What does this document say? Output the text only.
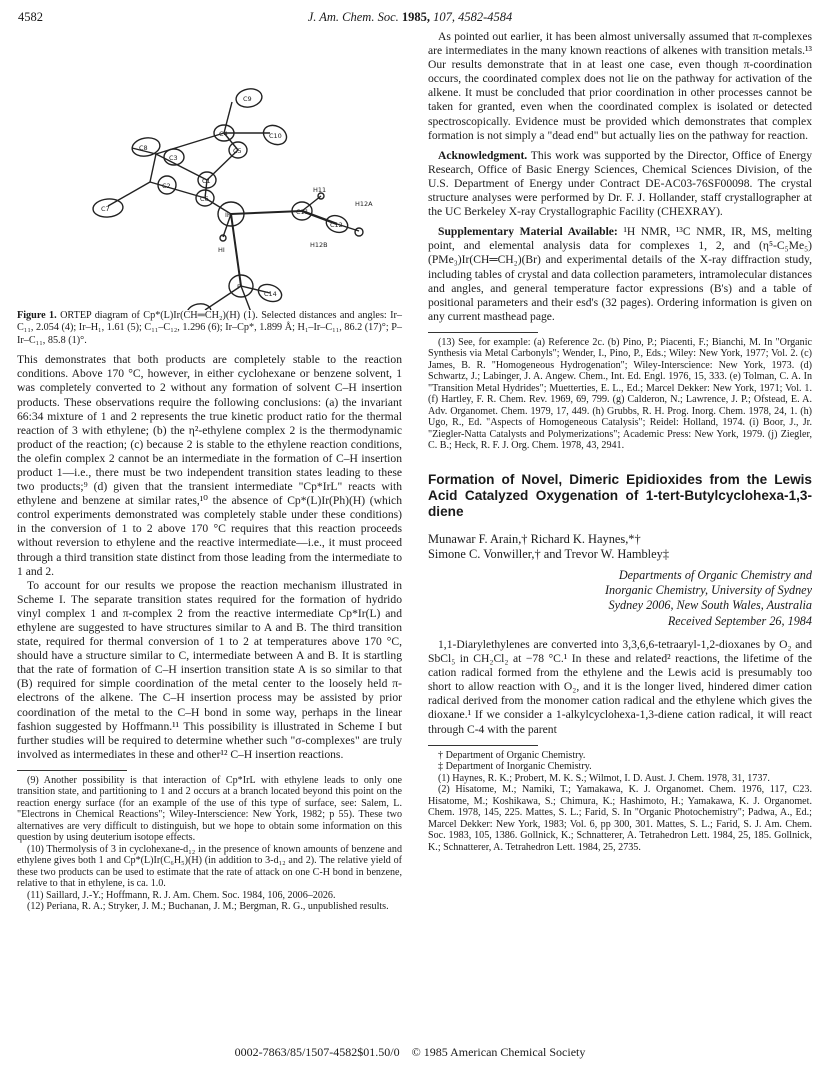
4582	J. Am. Chem. Soc. 1985, 107, 4582-4584
C9
C4	C10
C8
C3
C5
C2
C1
C6
C7
H11
H12A
C11
C12
IR
HI
H12B
P
C14
Figure 1. ORTEP diagram of Cp*(L)Ir(CH═CH₂)(H) (1). Selected distances and angles: Ir–C₁₁, 2.054 (4); Ir–H₁, 1.61 (5); C₁₁–C₁₂, 1.296 (6); Ir–Cp*, 1.899 Å; H₁–Ir–C₁₁, 86.2 (17)°; P–Ir–C₁₁, 85.8 (1)°.

This demonstrates that both products are completely stable to the reaction conditions. Above 170 °C, however, in either cyclohexane or benzene solvent, 1 was completely converted to 2 without any formation of solvent C–H insertion products. These observations require the following conclusions: (a) the invariant 66:34 mixture of 1 and 2 represents the true kinetic product ratio for the thermal reaction of 3 with ethylene; (b) the η²-ethylene complex 2 is the thermodynamic product of the reaction; (c) because 2 is stable to the ethylene reaction conditions, the olefin complex 2 cannot be an intermediate in the formation of C–H insertion product 1—i.e., there must be two independent transition states leading to these two products;⁹ (d) given that the transient intermediate "Cp*IrL" reacts with ethylene and benzene at similar rates,¹⁰ the absence of Cp*(L)Ir(Ph)(H) (which control experiments demonstrated was completely stable under these conditions) in the conversion of 1 to 2 above 170 °C requires that this reaction proceeds without reversion to ethylene and the reactive intermediate—i.e., it must proceed through a third transition state distinct from those leading from the intermediate to 1 and 2.

To account for our results we propose the reaction mechanism illustrated in Scheme I. The separate transition states required for the formation of hydrido vinyl complex 1 and π-complex 2 from the reactive intermediate Cp*Ir(L) and ethylene are suggested to have structures similar to A and B. The third transition state, required for thermal conversion of 1 to 2 at temperatures above 170 °C, should have a structure similar to C, intermediate between A and B. It is startling that the rate of formation of C–H insertion transition state A is so similar to that (B) required for simple coordination of the metal center to the loosely held π-electrons of the alkene. The C–H insertion process may be assisted by prior coordination of the metal to the C–H bond in some way, perhaps in the linear fashion suggested by Hoffmann.¹¹ This possibility is illustrated in Scheme I but further studies will be required to determine whether such "σ-complexes" are truly involved as intermediates in these and other¹² C–H insertion reactions.

(9) Another possibility is that interaction of Cp*IrL with ethylene leads to only one transition state, and partitioning to 1 and 2 occurs at a branch located beyond this point on the reaction energy surface (for an example of the use of this type of surface, see: Salem, L. "Electrons in Chemical Reactions"; Wiley-Interscience: New York, 1982; p 55). These two alternatives are very difficult to distinguish, but we hope to obtain some information on this question by using deuterium isotope effects.

(10) Thermolysis of 3 in cyclohexane-d₁₂ in the presence of known amounts of benzene and ethylene gives both 1 and Cp*(L)Ir(C₆H₅)(H) (in addition to 3-d₁₂ and 2). The relative yield of these two products can be used to estimate that the rate of attack on one C-H bond in benzene, relative to that in ethylene, is ca. 1.0.

(11) Saillard, J.-Y.; Hoffmann, R. J. Am. Chem. Soc. 1984, 106, 2006–2026.

(12) Periana, R. A.; Stryker, J. M.; Buchanan, J. M.; Bergman, R. G., unpublished results.

As pointed out earlier, it has been almost universally assumed that π-complexes are intermediates in the many known reactions of alkenes with transition metals.¹³ Our results demonstrate that in at least one case, even though π-coordination occurs, the coordinated complex does not lie on the pathway for activation of the alkene. It must be concluded that prior coordination in other processes cannot be taken for granted, even when the coordinated complex is isolated or detected spectroscopically. Evidence must be provided which demonstrates that complex formation is not simply a "dead end" but actually lies on the pathway for reaction.

Acknowledgment. This work was supported by the Director, Office of Energy Research, Office of Basic Energy Sciences, Chemical Sciences Division, of the U.S. Department of Energy under Contract DE-AC03-76SF00098. The crystal structure analyses were performed by Dr. F. J. Hollander, staff crystallographer at the UC Berkeley X-ray Crystallographic Facility (CHEXRAY).

Supplementary Material Available: ¹H NMR, ¹³C NMR, IR, MS, melting point, and elemental analysis data for complexes 1, 2, and (η⁵-C₅Me₅)(PMe₃)Ir(CH═CH₂)(Br) and experimental details of the X-ray diffraction study, including tables of crystal and data collection parameters, intramolecular distances and angles, and general temperature factor expressions (B's) and a table of positional parameters and their esd's (32 pages). Ordering information is given on any current masthead page.

(13) See, for example: (a) Reference 2c. (b) Pino, P.; Piacenti, F.; Bianchi, M. In "Organic Synthesis via Metal Carbonyls"; Wender, I., Pino, P., Eds.; Wiley: New York, 1977; Vol. 2. (c) James, B. R. "Homogeneous Hydrogenation"; Wiley-Interscience: New York, 1973. (d) Schwartz, J.; Labinger, J. A. Angew. Chem., Int. Ed. Engl. 1976, 15, 333. (e) Tolman, C. A. In "Transition Metal Hydrides"; Muetterties, E. L., Ed.; Marcel Dekker: New York, 1971; Vol. 1. (f) Hartley, F. R. Chem. Rev. 1969, 69, 799. (g) Calderon, N.; Lawrence, J. P.; Ofstead, E. A. Adv. Organomet. Chem. 1979, 17, 449. (h) Grubbs, R. H. Prog. Inorg. Chem. 1978, 24, 1. (h) Ugo, R., Ed. "Aspects of Homogeneous Catalysis"; Reidel: Holland, 1974. (i) Boor, J., Jr. "Ziegler-Natta Catalysts and Polymerizations"; Academic Press: New York, 1979. (j) Ziegler, C. B.; Heck, R. F. J. Org. Chem. 1978, 43, 2941.

Formation of Novel, Dimeric Epidioxides from the Lewis Acid Catalyzed Oxygenation of 1-tert-Butylcyclohexa-1,3-diene
Munawar F. Arain,† Richard K. Haynes,*†
Simone C. Vonwiller,† and Trevor W. Hambley‡
Departments of Organic Chemistry and
Inorganic Chemistry, University of Sydney
Sydney 2006, New South Wales, Australia
Received September 26, 1984

1,1-Diarylethylenes are converted into 3,3,6,6-tetraaryl-1,2-dioxanes by O₂ and SbCl₅ in CH₂Cl₂ at −78 °C.¹ In these and related² reactions, the lifetime of the cation radical formed from the ethylene and the Lewis acid is presumably too short to allow reaction with O₂, and it is the longer lived, hindered dimer cation radical derived from the monomer cation radical and the ethylene which gives the dioxane.¹ If we consider a 1-alkylcyclohexa-1,3-diene cation radical, it will react through C-4 with the parent

† Department of Organic Chemistry.

‡ Department of Inorganic Chemistry.

(1) Haynes, R. K.; Probert, M. K. S.; Wilmot, I. D. Aust. J. Chem. 1978, 31, 1737.

(2) Hisatome, M.; Namiki, T.; Yamakawa, K. J. Organomet. Chem. 1976, 117, C23. Hisatome, M.; Koshikawa, S.; Chimura, K.; Hashimoto, H.; Yamakawa, K. J. Organomet. Chem. 1978, 145, 225. Mattes, S. L.; Farid, S. In "Organic Photochemistry"; Padwa, A., Ed.; Marcel Dekker: New York, 1983; Vol. 6, pp 300, 301. Mattes, S. L.; Farid, S. J. Am. Chem. Soc. 1983, 105, 1386. Gollnick, K.; Schnatterer, A. Tetrahedron Lett. 1984, 25, 185. Gollnick, K.; Schnatterer, A. Tetrahedron Lett. 1984, 25, 2735.

0002-7863/85/1507-4582$01.50/0 © 1985 American Chemical Society
